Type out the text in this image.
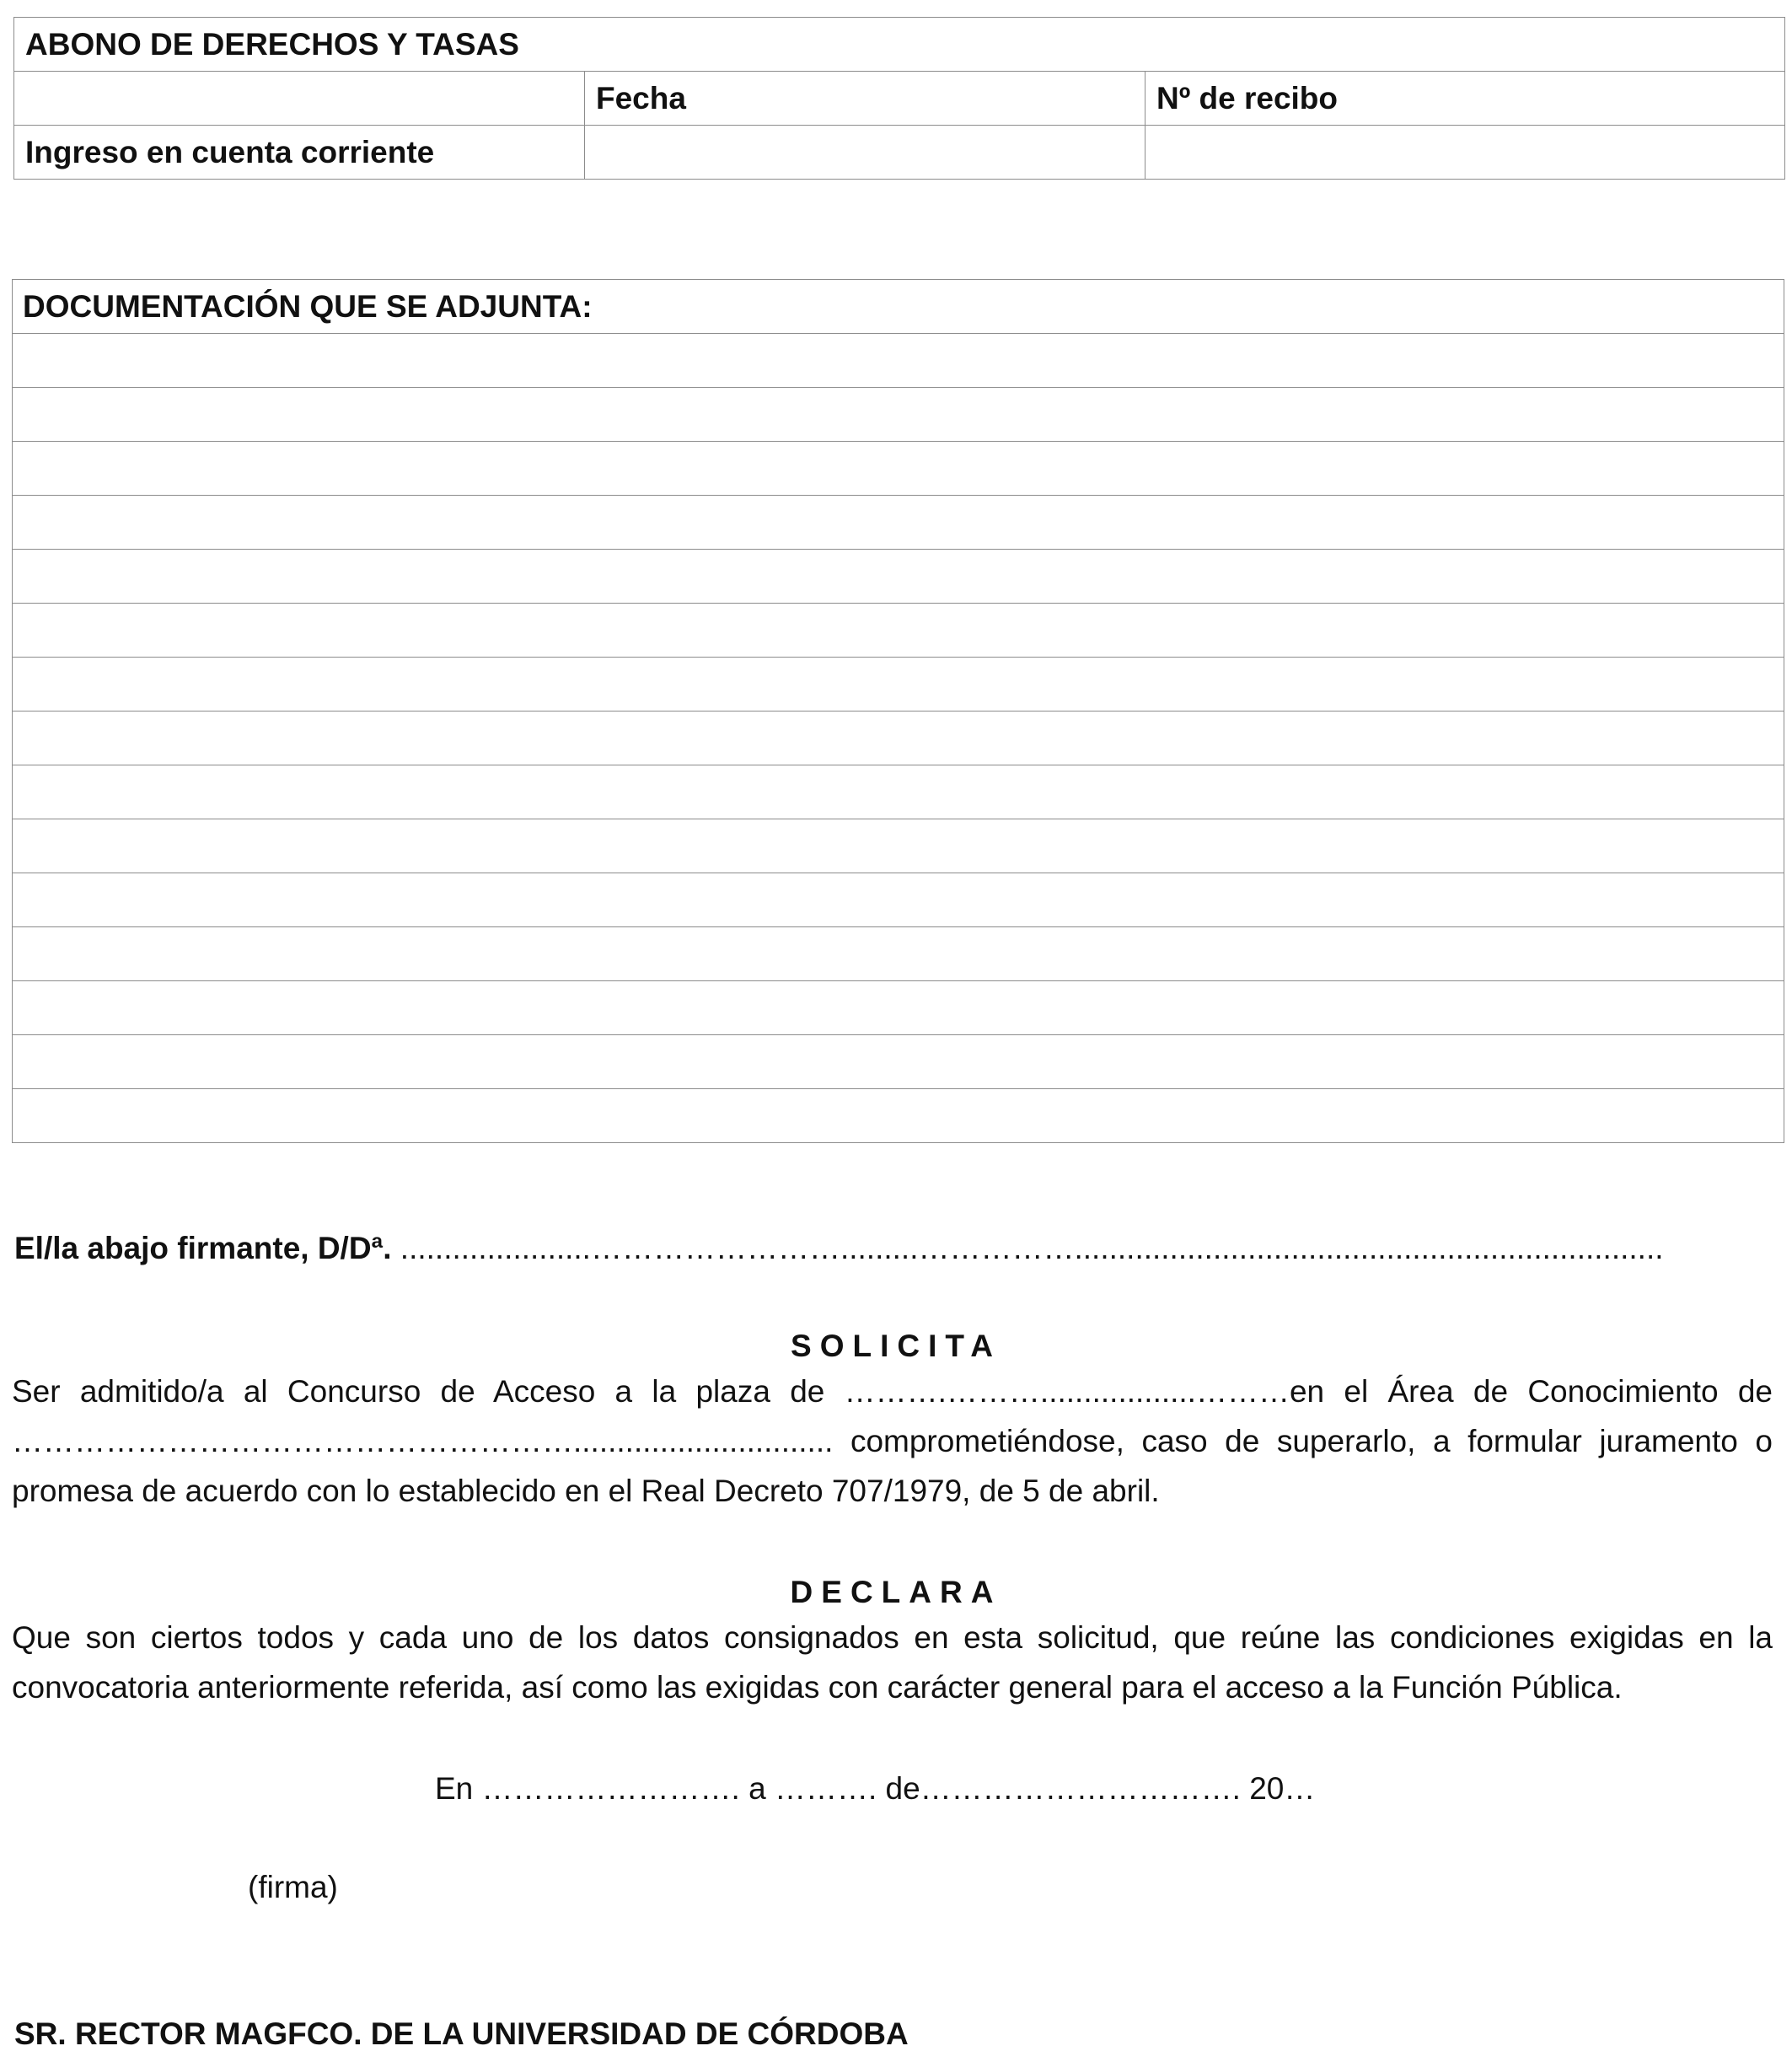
ABONO DE DERECHOS Y TASAS		
	Fecha	Nº de recibo
Ingreso en cuenta corriente		
DOCUMENTACIÓN QUE SE ADJUNTA:

El/la abajo firmante, D/Dª. ......................…………………….........……………....................................................................
SOLICITA

Ser admitido/a al Concurso de Acceso a la plaza de ……….………..................………en el Área de Conocimiento de ……………………………………………….............................. comprometiéndose, caso de superarlo, a formular juramento o promesa de acuerdo con lo establecido en el Real Decreto 707/1979, de 5 de abril.

DECLARA

Que son ciertos todos y cada uno de los datos consignados en esta solicitud, que reúne las condiciones exigidas en la convocatoria anteriormente referida, así como las exigidas con carácter general para el acceso a la Función Pública.

En ……………………. a ………. de…………………………. 20…
(firma)
SR. RECTOR MAGFCO. DE LA UNIVERSIDAD DE CÓRDOBA
